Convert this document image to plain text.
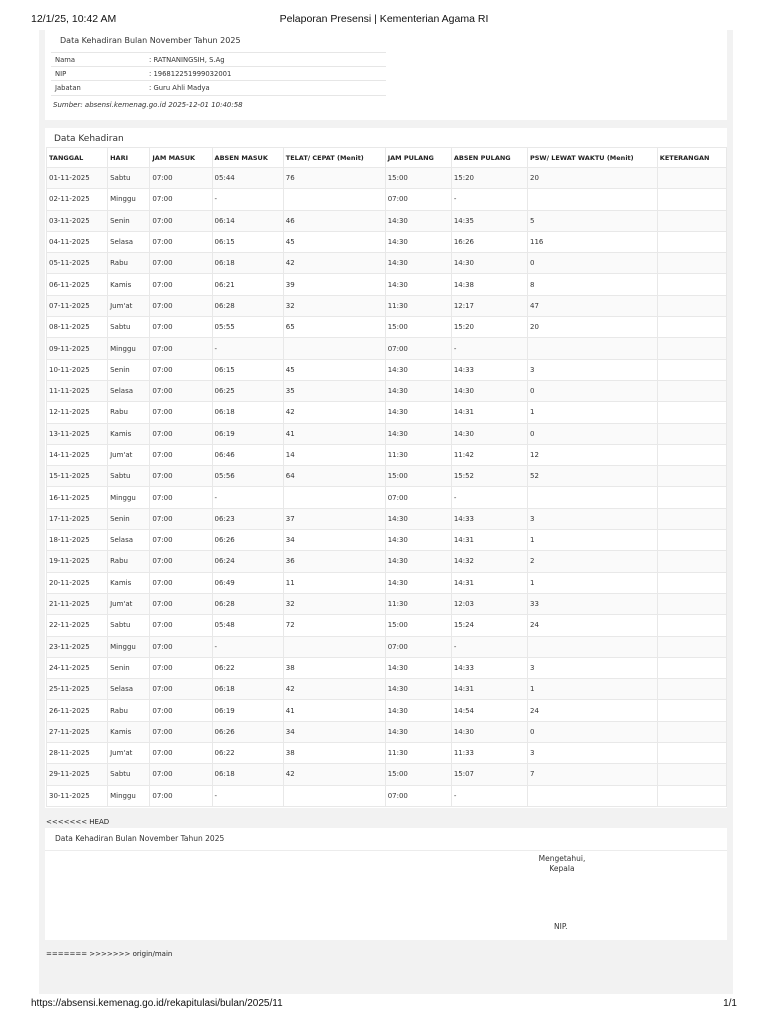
12/1/25, 10:42 AM	Pelaporan Presensi | Kementerian Agama RI
Data Kehadiran Bulan November Tahun 2025
Nama	: RATNANINGSIH, S.Ag
NIP	: 196812251999032001
Jabatan	: Guru Ahli Madya
Sumber: absensi.kemenag.go.id 2025-12-01 10:40:58
Data Kehadiran
TANGGAL	HARI	JAM MASUK	ABSEN MASUK	TELAT/ CEPAT (Menit)	JAM PULANG	ABSEN PULANG	PSW/ LEWAT WAKTU (Menit)	KETERANGAN
01-11-2025	Sabtu	07:00	05:44	76	15:00	15:20	20	
02-11-2025	Minggu	07:00	-		07:00	-		
03-11-2025	Senin	07:00	06:14	46	14:30	14:35	5	
04-11-2025	Selasa	07:00	06:15	45	14:30	16:26	116	
05-11-2025	Rabu	07:00	06:18	42	14:30	14:30	0	
06-11-2025	Kamis	07:00	06:21	39	14:30	14:38	8	
07-11-2025	Jum'at	07:00	06:28	32	11:30	12:17	47	
08-11-2025	Sabtu	07:00	05:55	65	15:00	15:20	20	
09-11-2025	Minggu	07:00	-		07:00	-		
10-11-2025	Senin	07:00	06:15	45	14:30	14:33	3	
11-11-2025	Selasa	07:00	06:25	35	14:30	14:30	0	
12-11-2025	Rabu	07:00	06:18	42	14:30	14:31	1	
13-11-2025	Kamis	07:00	06:19	41	14:30	14:30	0	
14-11-2025	Jum'at	07:00	06:46	14	11:30	11:42	12	
15-11-2025	Sabtu	07:00	05:56	64	15:00	15:52	52	
16-11-2025	Minggu	07:00	-		07:00	-		
17-11-2025	Senin	07:00	06:23	37	14:30	14:33	3	
18-11-2025	Selasa	07:00	06:26	34	14:30	14:31	1	
19-11-2025	Rabu	07:00	06:24	36	14:30	14:32	2	
20-11-2025	Kamis	07:00	06:49	11	14:30	14:31	1	
21-11-2025	Jum'at	07:00	06:28	32	11:30	12:03	33	
22-11-2025	Sabtu	07:00	05:48	72	15:00	15:24	24	
23-11-2025	Minggu	07:00	-		07:00	-		
24-11-2025	Senin	07:00	06:22	38	14:30	14:33	3	
25-11-2025	Selasa	07:00	06:18	42	14:30	14:31	1	
26-11-2025	Rabu	07:00	06:19	41	14:30	14:54	24	
27-11-2025	Kamis	07:00	06:26	34	14:30	14:30	0	
28-11-2025	Jum'at	07:00	06:22	38	11:30	11:33	3	
29-11-2025	Sabtu	07:00	06:18	42	15:00	15:07	7	
30-11-2025	Minggu	07:00	-		07:00	-		
<<<<<<< HEAD
Data Kehadiran Bulan November Tahun 2025
Mengetahui,
Kepala
NIP.
======= >>>>>>> origin/main
https://absensi.kemenag.go.id/rekapitulasi/bulan/2025/11	1/1
